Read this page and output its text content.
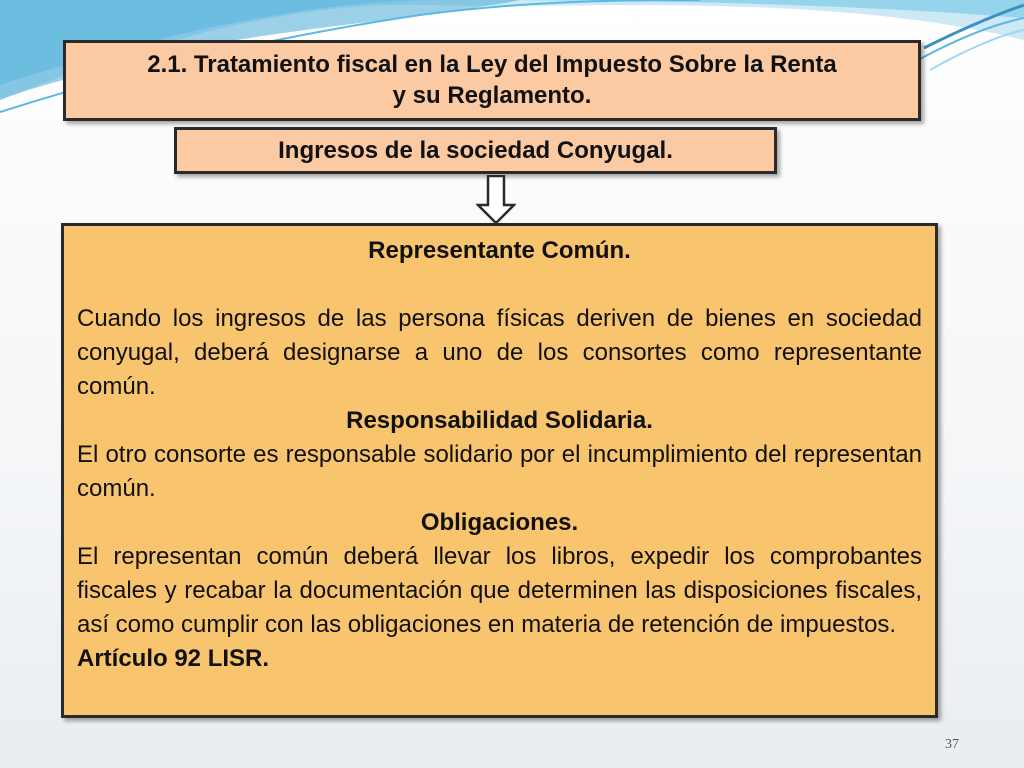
2.1. Tratamiento fiscal en la Ley del Impuesto Sobre la Renta
y su Reglamento.
Ingresos de la sociedad Conyugal.

Representante Común.

Cuando los ingresos de las persona físicas deriven de bienes en sociedad conyugal, deberá designarse a uno de los consortes como representante común.

Responsabilidad Solidaria.

El otro consorte es responsable solidario por el incumplimiento del representan común.

Obligaciones.

El representan común deberá llevar los libros, expedir los comprobantes fiscales y recabar la documentación que determinen las disposiciones fiscales, así como cumplir con las obligaciones en materia de retención de impuestos.

Artículo 92 LISR.

37
